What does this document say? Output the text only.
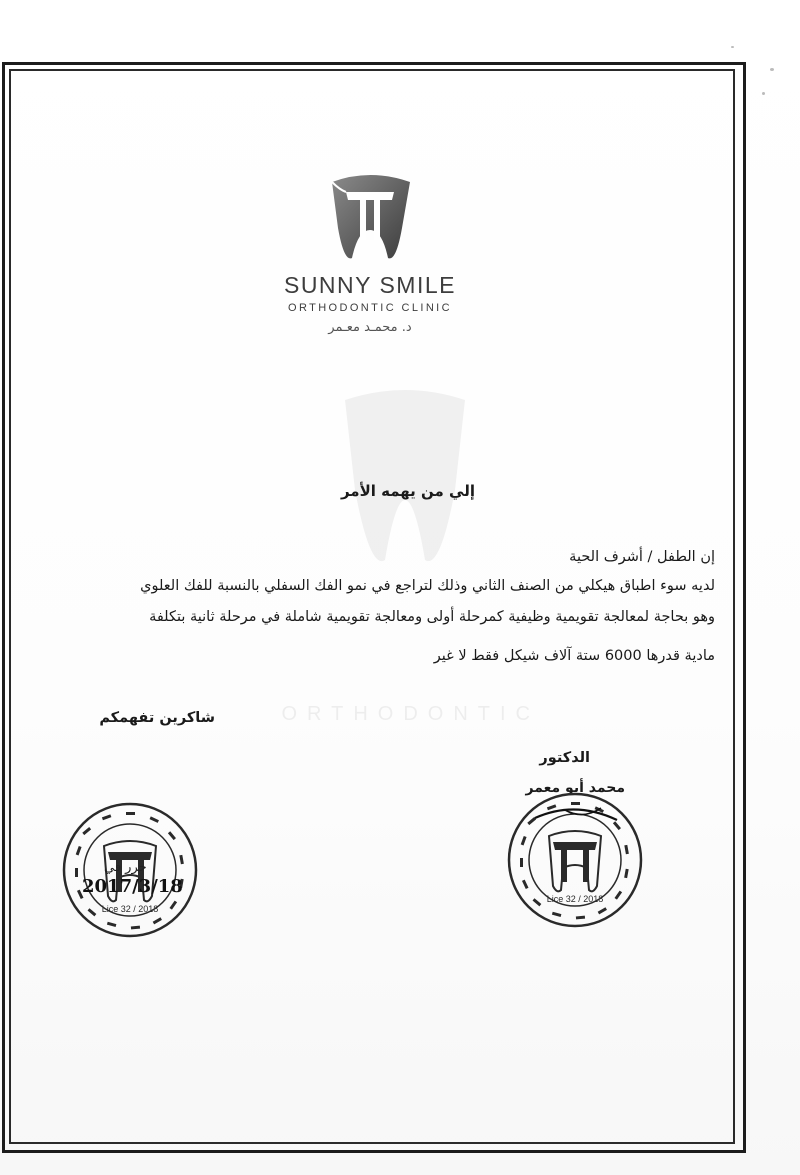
ORTHODONTIC
SUNNY SMILE
ORTHODONTIC CLINIC
د. محمـد معـمر
إلي من يهمه الأمر
إن الطفل / أشرف الحية
لديه سوء اطباق هيكلي من الصنف الثاني وذلك لتراجع في نمو الفك السفلي بالنسبة للفك العلوي
وهو بحاجة لمعالجة تقويمية وظيفية كمرحلة أولى ومعالجة تقويمية شاملة في مرحلة ثانية بتكلفة
مادية قدرها 6000 ستة آلاف شيكل فقط لا غير
شاكرين تفهمكم
الدكتور
محمد أبو معمر
Lice 32 / 2018
حرر في
2017/3/18
Lice 32 / 2018
